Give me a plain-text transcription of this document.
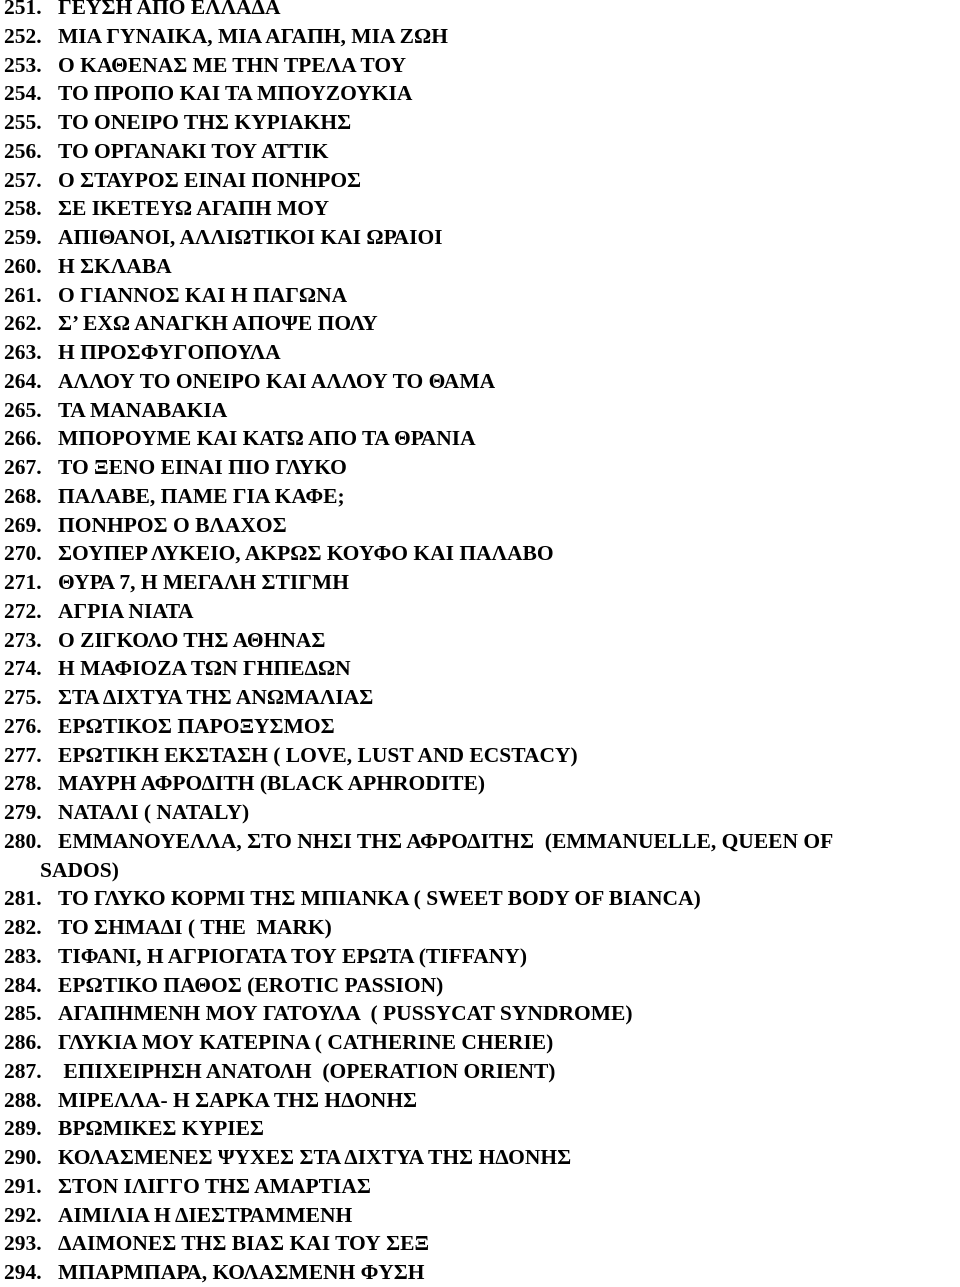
251. ΓΕΥΣΗ ΑΠΟ ΕΛΛΑΔΑ
252. ΜΙΑ ΓΥΝΑΙΚΑ, ΜΙΑ ΑΓΑΠΗ, ΜΙΑ ΖΩΗ
253. Ο ΚΑΘΕΝΑΣ ΜΕ ΤΗΝ ΤΡΕΛΑ ΤΟΥ
254. ΤΟ ΠΡΟΠΟ ΚΑΙ ΤΑ ΜΠΟΥΖΟΥΚΙΑ
255. ΤΟ ΟΝΕΙΡΟ ΤΗΣ ΚΥΡΙΑΚΗΣ
256. ΤΟ ΟΡΓΑΝΑΚΙ ΤΟΥ ΑΤΤΙΚ
257. Ο ΣΤΑΥΡΟΣ ΕΙΝΑΙ ΠΟΝΗΡΟΣ
258. ΣΕ ΙΚΕΤΕΥΩ ΑΓΑΠΗ ΜΟΥ
259. ΑΠΙΘΑΝΟΙ, ΑΛΛΙΩΤΙΚΟΙ ΚΑΙ ΩΡΑΙΟΙ
260. Η ΣΚΛΑΒΑ
261. Ο ΓΙΑΝΝΟΣ ΚΑΙ Η ΠΑΓΩΝΑ
262. Σ’ ΕΧΩ ΑΝΑΓΚΗ ΑΠΟΨΕ ΠΟΛΥ
263. Η ΠΡΟΣΦΥΓΟΠΟΥΛΑ
264. ΑΛΛΟΥ ΤΟ ΟΝΕΙΡΟ ΚΑΙ ΑΛΛΟΥ ΤΟ ΘΑΜΑ
265. ΤΑ ΜΑΝΑΒΑΚΙΑ
266. ΜΠΟΡΟΥΜΕ ΚΑΙ ΚΑΤΩ ΑΠΟ ΤΑ ΘΡΑΝΙΑ
267. ΤΟ ΞΕΝΟ ΕΙΝΑΙ ΠΙΟ ΓΛΥΚΟ
268. ΠΑΛΑΒΕ, ΠΑΜΕ ΓΙΑ ΚΑΦΕ;
269. ΠΟΝΗΡΟΣ Ο ΒΛΑΧΟΣ
270. ΣΟΥΠΕΡ ΛΥΚΕΙΟ, ΑΚΡΩΣ ΚΟΥΦΟ ΚΑΙ ΠΑΛΑΒΟ
271. ΘΥΡΑ 7, Η ΜΕΓΑΛΗ ΣΤΙΓΜΗ
272. ΑΓΡΙΑ ΝΙΑΤΑ
273. Ο ΖΙΓΚΟΛΟ ΤΗΣ ΑΘΗΝΑΣ
274. Η ΜΑΦΙΟΖΑ ΤΩΝ ΓΗΠΕΔΩΝ
275. ΣΤΑ ΔΙΧΤΥΑ ΤΗΣ ΑΝΩΜΑΛΙΑΣ
276. ΕΡΩΤΙΚΟΣ ΠΑΡΟΞΥΣΜΟΣ
277. ΕΡΩΤΙΚΗ ΕΚΣΤΑΣΗ ( LOVE, LUST AND ECSTACY)
278. ΜΑΥΡΗ ΑΦΡΟΔΙΤΗ (BLACK APHRODITE)
279. ΝΑΤΑΛΙ ( NATALY)
280. ΕΜΜΑΝΟΥΕΛΛΑ, ΣΤΟ ΝΗΣΙ ΤΗΣ ΑΦΡΟΔΙΤΗΣ  (EMMANUELLE, QUEEN OF
SADOS)
281. ΤΟ ΓΛΥΚΟ ΚΟΡΜΙ ΤΗΣ ΜΠΙΑΝΚΑ ( SWEET BODY OF BIANCA)
282. ΤΟ ΣΗΜΑΔΙ ( THE  MARK)
283. ΤΙΦΑΝΙ, Η ΑΓΡΙΟΓΑΤΑ ΤΟΥ ΕΡΩΤΑ (TIFFANY)
284. ΕΡΩΤΙΚΟ ΠΑΘΟΣ (EROTIC PASSION)
285. ΑΓΑΠΗΜΕΝΗ ΜΟΥ ΓΑΤΟΥΛΑ  ( PUSSYCAT SYNDROME)
286. ΓΛΥΚΙΑ ΜΟΥ ΚΑΤΕΡΙΝΑ ( CATHERINE CHERIE)
287. ΕΠΙΧΕΙΡΗΣΗ ΑΝΑΤΟΛΗ  (OPERATION ORIENT)
288. ΜΙΡΕΛΛΑ- Η ΣΑΡΚΑ ΤΗΣ ΗΔΟΝΗΣ
289. ΒΡΩΜΙΚΕΣ ΚΥΡΙΕΣ
290. ΚΟΛΑΣΜΕΝΕΣ ΨΥΧΕΣ ΣΤΑ ΔΙΧΤΥΑ ΤΗΣ ΗΔΟΝΗΣ
291. ΣΤΟΝ ΙΛΙΓΓΟ ΤΗΣ ΑΜΑΡΤΙΑΣ
292. ΑΙΜΙΛΙΑ Η ΔΙΕΣΤΡΑΜΜΕΝΗ
293. ΔΑΙΜΟΝΕΣ ΤΗΣ ΒΙΑΣ ΚΑΙ ΤΟΥ ΣΕΞ
294. ΜΠΑΡΜΠΑΡΑ, ΚΟΛΑΣΜΕΝΗ ΦΥΣΗ
